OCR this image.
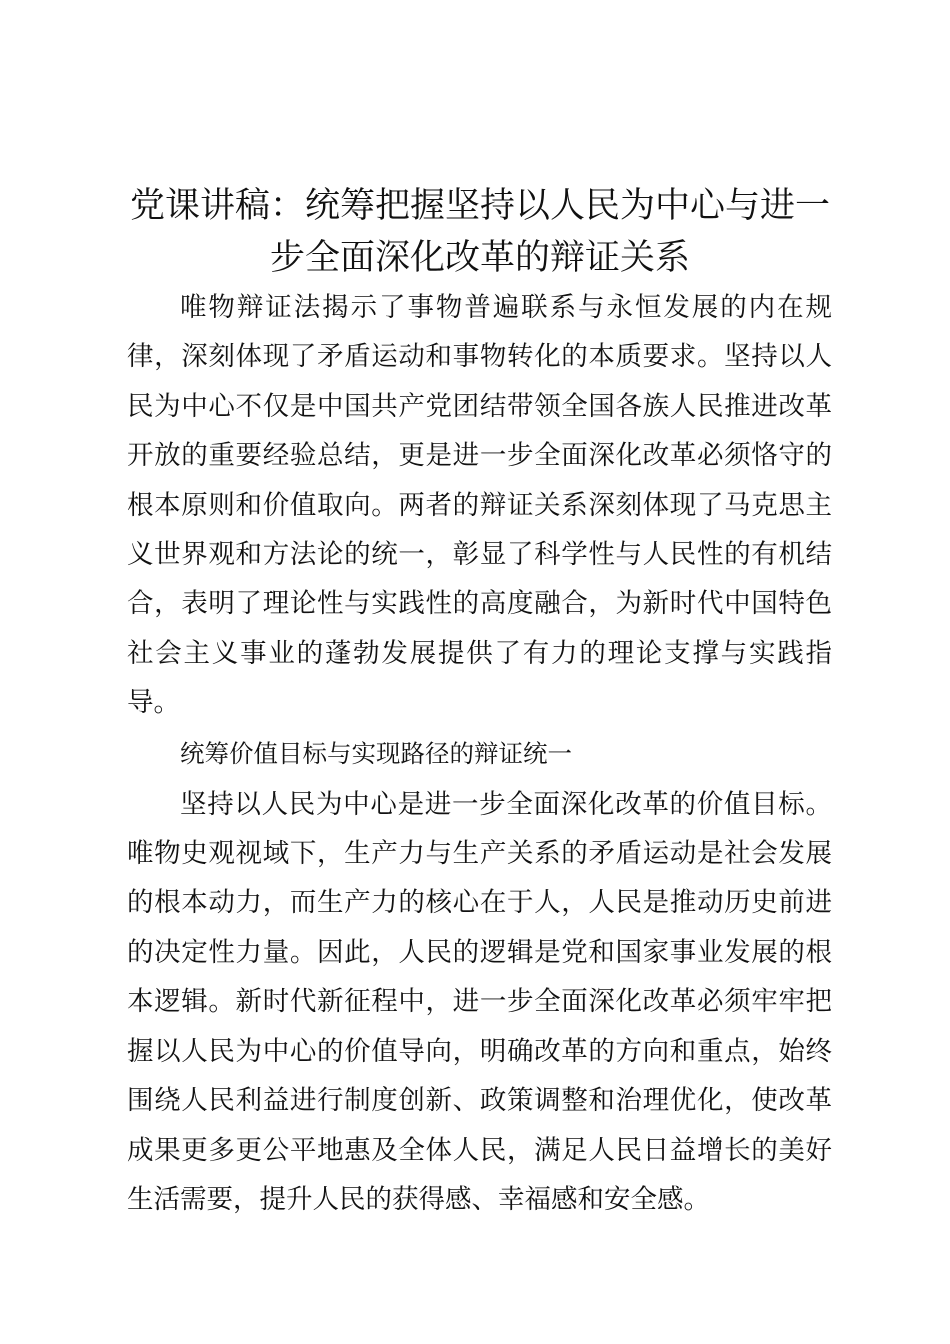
党课讲稿：统筹把握坚持以人民为中心与进一步全面深化改革的辩证关系

唯物辩证法揭示了事物普遍联系与永恒发展的内在规律，深刻体现了矛盾运动和事物转化的本质要求。坚持以人民为中心不仅是中国共产党团结带领全国各族人民推进改革开放的重要经验总结，更是进一步全面深化改革必须恪守的根本原则和价值取向。两者的辩证关系深刻体现了马克思主义世界观和方法论的统一，彰显了科学性与人民性的有机结合，表明了理论性与实践性的高度融合，为新时代中国特色社会主义事业的蓬勃发展提供了有力的理论支撑与实践指导。

统筹价值目标与实现路径的辩证统一

坚持以人民为中心是进一步全面深化改革的价值目标。唯物史观视域下，生产力与生产关系的矛盾运动是社会发展的根本动力，而生产力的核心在于人，人民是推动历史前进的决定性力量。因此，人民的逻辑是党和国家事业发展的根本逻辑。新时代新征程中，进一步全面深化改革必须牢牢把握以人民为中心的价值导向，明确改革的方向和重点，始终围绕人民利益进行制度创新、政策调整和治理优化，使改革成果更多更公平地惠及全体人民，满足人民日益增长的美好生活需要，提升人民的获得感、幸福感和安全感。
